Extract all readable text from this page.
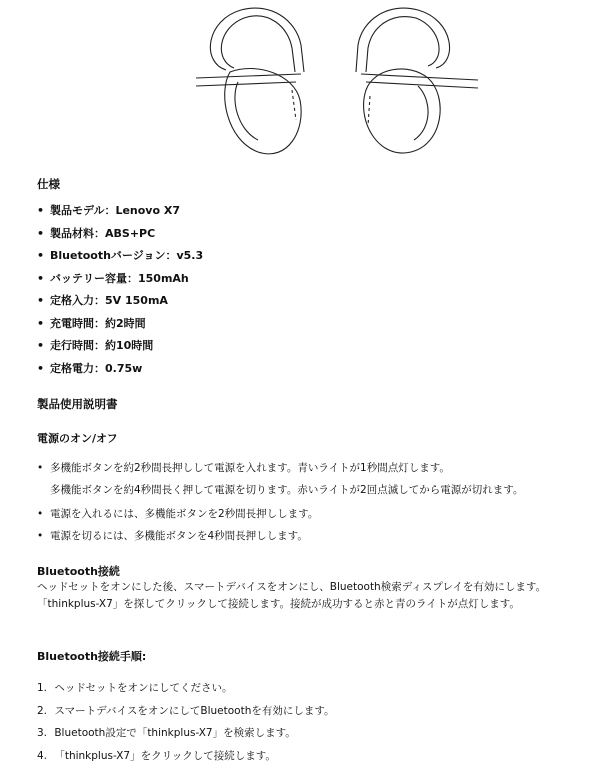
仕様
• 製品モデル：Lenovo X7
• 製品材料：ABS+PC
• Bluetoothバージョン：v5.3
• バッテリー容量：150mAh
• 定格入力：5V 150mA
• 充電時間：約2時間
• 走行時間：約10時間
• 定格電力：0.75w
製品使用説明書
電源のオン/オフ
• 多機能ボタンを約2秒間長押しして電源を入れます。青いライトが1秒間点灯します。
多機能ボタンを約4秒間長く押して電源を切ります。赤いライトが2回点滅してから電源が切れます。
• 電源を入れるには、多機能ボタンを2秒間長押しします。
• 電源を切るには、多機能ボタンを4秒間長押しします。
Bluetooth接続

ヘッドセットをオンにした後、スマートデバイスをオンにし、Bluetooth検索ディスプレイを有効にします。「thinkplus-X7」を探してクリックして接続します。接続が成功すると赤と青のライトが点灯します。

Bluetooth接続手順:
1. ヘッドセットをオンにしてください。
2. スマートデバイスをオンにしてBluetoothを有効にします。
3. Bluetooth設定で「thinkplus-X7」を検索します。
4. 「thinkplus-X7」をクリックして接続します。
